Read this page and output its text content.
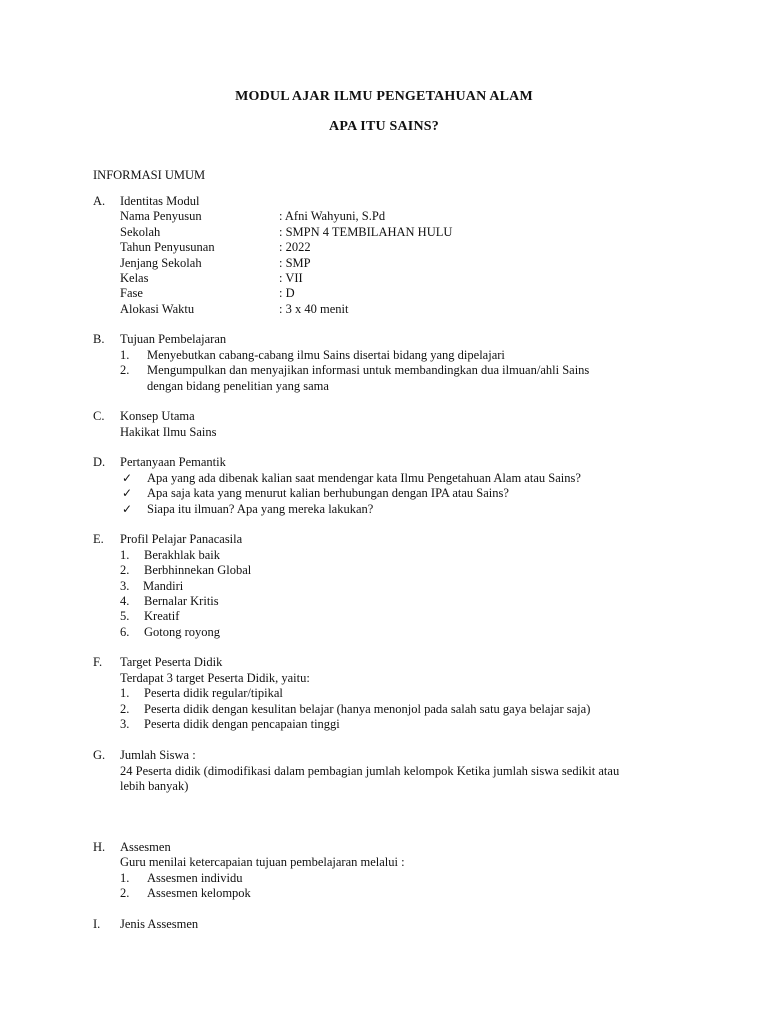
MODUL AJAR ILMU PENGETAHUAN ALAM
APA ITU SAINS?
INFORMASI UMUM
A. Identitas Modul
Nama Penyusun	: Afni Wahyuni, S.Pd
Sekolah	: SMPN 4 TEMBILAHAN HULU
Tahun Penyusunan	: 2022
Jenjang Sekolah	: SMP
Kelas	: VII
Fase	: D
Alokasi Waktu	: 3 x 40 menit
B. Tujuan Pembelajaran
1. Menyebutkan cabang-cabang ilmu Sains disertai bidang yang dipelajari
2. Mengumpulkan dan menyajikan informasi untuk membandingkan dua ilmuan/ahli Sains
dengan bidang penelitian yang sama
C. Konsep Utama
Hakikat Ilmu Sains
D. Pertanyaan Pemantik
✓ Apa yang ada dibenak kalian saat mendengar kata Ilmu Pengetahuan Alam atau Sains?
✓ Apa saja kata yang menurut kalian berhubungan dengan IPA atau Sains?
✓ Siapa itu ilmuan? Apa yang mereka lakukan?
E. Profil Pelajar Panacasila
1. Berakhlak baik
2. Berbhinnekan Global
3. Mandiri
4. Bernalar Kritis
5. Kreatif
6. Gotong royong
F. Target Peserta Didik
Terdapat 3 target Peserta Didik, yaitu:
1. Peserta didik regular/tipikal
2. Peserta didik dengan kesulitan belajar (hanya menonjol pada salah satu gaya belajar saja)
3. Peserta didik dengan pencapaian tinggi
G. Jumlah Siswa :
24 Peserta didik (dimodifikasi dalam pembagian jumlah kelompok Ketika jumlah siswa sedikit atau
lebih banyak)
H. Assesmen
Guru menilai ketercapaian tujuan pembelajaran melalui :
1. Assesmen individu
2. Assesmen kelompok
I. Jenis Assesmen
